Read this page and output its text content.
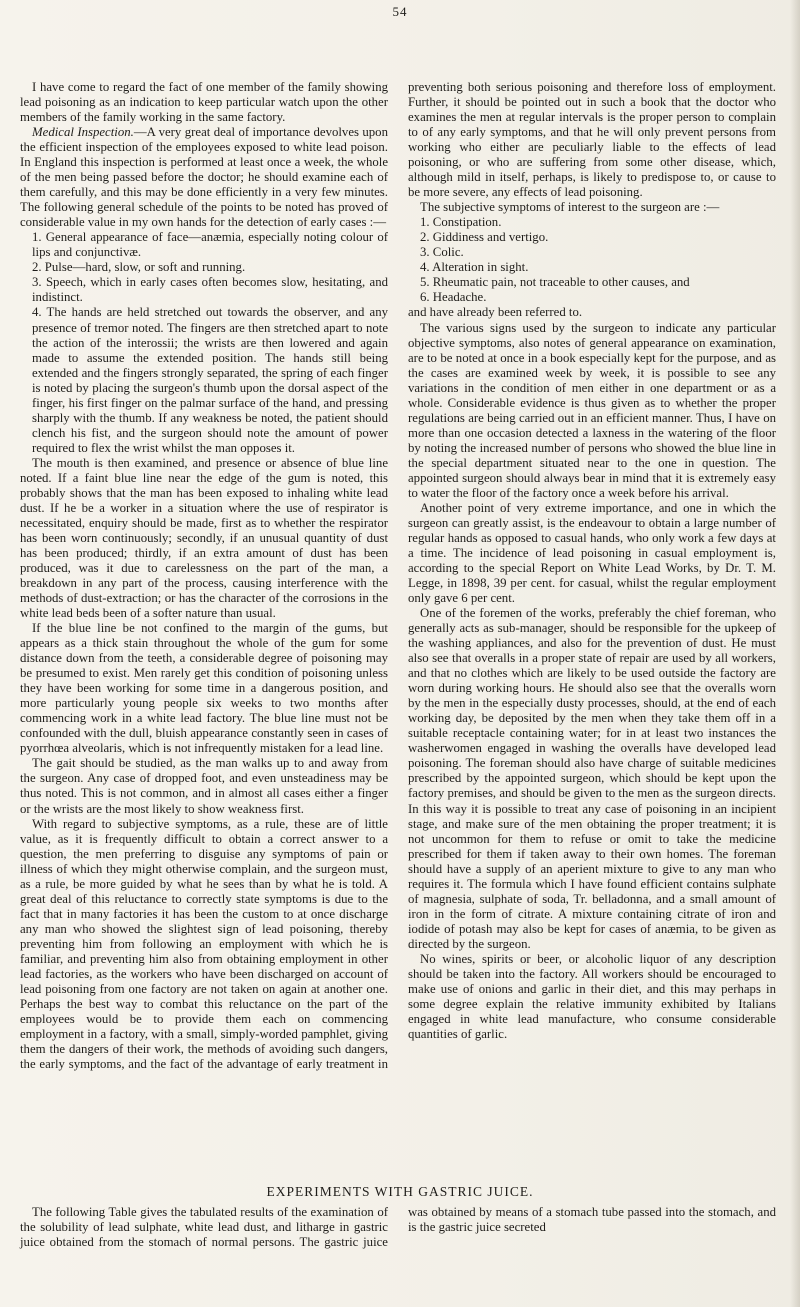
54

I have come to regard the fact of one member of the family showing lead poisoning as an indication to keep particular watch upon the other members of the family working in the same factory.

Medical Inspection.—A very great deal of importance devolves upon the efficient inspection of the employees exposed to white lead poison. In England this inspection is performed at least once a week, the whole of the men being passed before the doctor; he should examine each of them carefully, and this may be done efficiently in a very few minutes. The following general schedule of the points to be noted has proved of considerable value in my own hands for the detection of early cases :—

1. General appearance of face—anæmia, especially noting colour of lips and conjunctivæ.

2. Pulse—hard, slow, or soft and running.

3. Speech, which in early cases often becomes slow, hesitating, and indistinct.

4. The hands are held stretched out towards the observer, and any presence of tremor noted. The fingers are then stretched apart to note the action of the interossii; the wrists are then lowered and again made to assume the extended position. The hands still being extended and the fingers strongly separated, the spring of each finger is noted by placing the surgeon's thumb upon the dorsal aspect of the finger, his first finger on the palmar surface of the hand, and pressing sharply with the thumb. If any weakness be noted, the patient should clench his fist, and the surgeon should note the amount of power required to flex the wrist whilst the man opposes it.

The mouth is then examined, and presence or absence of blue line noted. If a faint blue line near the edge of the gum is noted, this probably shows that the man has been exposed to inhaling white lead dust. If he be a worker in a situation where the use of respirator is necessitated, enquiry should be made, first as to whether the respirator has been worn continuously; secondly, if an unusual quantity of dust has been produced; thirdly, if an extra amount of dust has been produced, was it due to carelessness on the part of the man, a breakdown in any part of the process, causing interference with the methods of dust-extraction; or has the character of the corrosions in the white lead beds been of a softer nature than usual.

If the blue line be not confined to the margin of the gums, but appears as a thick stain throughout the whole of the gum for some distance down from the teeth, a considerable degree of poisoning may be presumed to exist. Men rarely get this condition of poisoning unless they have been working for some time in a dangerous position, and more particularly young people six weeks to two months after commencing work in a white lead factory. The blue line must not be confounded with the dull, bluish appearance constantly seen in cases of pyorrhœa alveolaris, which is not infrequently mistaken for a lead line.

The gait should be studied, as the man walks up to and away from the surgeon. Any case of dropped foot, and even unsteadiness may be thus noted. This is not common, and in almost all cases either a finger or the wrists are the most likely to show weakness first.

With regard to subjective symptoms, as a rule, these are of little value, as it is frequently difficult to obtain a correct answer to a question, the men preferring to disguise any symptoms of pain or illness of which they might otherwise complain, and the surgeon must, as a rule, be more guided by what he sees than by what he is told. A great deal of this reluctance to correctly state symptoms is due to the fact that in many factories it has been the custom to at once discharge any man who showed the slightest sign of lead poisoning, thereby preventing him from following an employment with which he is familiar, and preventing him also from obtaining employment in other lead factories, as the workers who have been discharged on account of lead poisoning from one factory are not taken on again at another one. Perhaps the best way to combat this reluctance on the part of the employees would be to provide them each on commencing employment in a factory, with a small, simply-worded pamphlet, giving them the dangers of their work, the methods of avoiding such dangers, the early symptoms, and the fact of the advantage of early treatment in preventing both serious poisoning and therefore loss of employment. Further, it should be pointed out in such a book that the doctor who examines the men at regular intervals is the proper person to complain to of any early symptoms, and that he will only prevent persons from working who either are peculiarly liable to the effects of lead poisoning, or who are suffering from some other disease, which, although mild in itself, perhaps, is likely to predispose to, or cause to be more severe, any effects of lead poisoning.

The subjective symptoms of interest to the surgeon are :—

1. Constipation.

2. Giddiness and vertigo.

3. Colic.

4. Alteration in sight.

5. Rheumatic pain, not traceable to other causes, and

6. Headache.

and have already been referred to.

The various signs used by the surgeon to indicate any particular objective symptoms, also notes of general appearance on examination, are to be noted at once in a book especially kept for the purpose, and as the cases are examined week by week, it is possible to see any variations in the condition of men either in one department or as a whole. Considerable evidence is thus given as to whether the proper regulations are being carried out in an efficient manner. Thus, I have on more than one occasion detected a laxness in the watering of the floor by noting the increased number of persons who showed the blue line in the special department situated near to the one in question. The appointed surgeon should always bear in mind that it is extremely easy to water the floor of the factory once a week before his arrival.

Another point of very extreme importance, and one in which the surgeon can greatly assist, is the endeavour to obtain a large number of regular hands as opposed to casual hands, who only work a few days at a time. The incidence of lead poisoning in casual employment is, according to the special Report on White Lead Works, by Dr. T. M. Legge, in 1898, 39 per cent. for casual, whilst the regular employment only gave 6 per cent.

One of the foremen of the works, preferably the chief foreman, who generally acts as sub-manager, should be responsible for the upkeep of the washing appliances, and also for the prevention of dust. He must also see that overalls in a proper state of repair are used by all workers, and that no clothes which are likely to be used outside the factory are worn during working hours. He should also see that the overalls worn by the men in the especially dusty processes, should, at the end of each working day, be deposited by the men when they take them off in a suitable receptacle containing water; for in at least two instances the washerwomen engaged in washing the overalls have developed lead poisoning. The foreman should also have charge of suitable medicines prescribed by the appointed surgeon, which should be kept upon the factory premises, and should be given to the men as the surgeon directs. In this way it is possible to treat any case of poisoning in an incipient stage, and make sure of the men obtaining the proper treatment; it is not uncommon for them to refuse or omit to take the medicine prescribed for them if taken away to their own homes. The foreman should have a supply of an aperient mixture to give to any man who requires it. The formula which I have found efficient contains sulphate of magnesia, sulphate of soda, Tr. belladonna, and a small amount of iron in the form of citrate. A mixture containing citrate of iron and iodide of potash may also be kept for cases of anæmia, to be given as directed by the surgeon.

No wines, spirits or beer, or alcoholic liquor of any description should be taken into the factory. All workers should be encouraged to make use of onions and garlic in their diet, and this may perhaps in some degree explain the relative immunity exhibited by Italians engaged in white lead manufacture, who consume considerable quantities of garlic.

EXPERIMENTS WITH GASTRIC JUICE.

The following Table gives the tabulated results of the examination of the solubility of lead sulphate, white lead dust, and litharge in gastric juice obtained from the stomach of normal persons. The gastric juice was obtained by means of a stomach tube passed into the stomach, and is the gastric juice secreted
